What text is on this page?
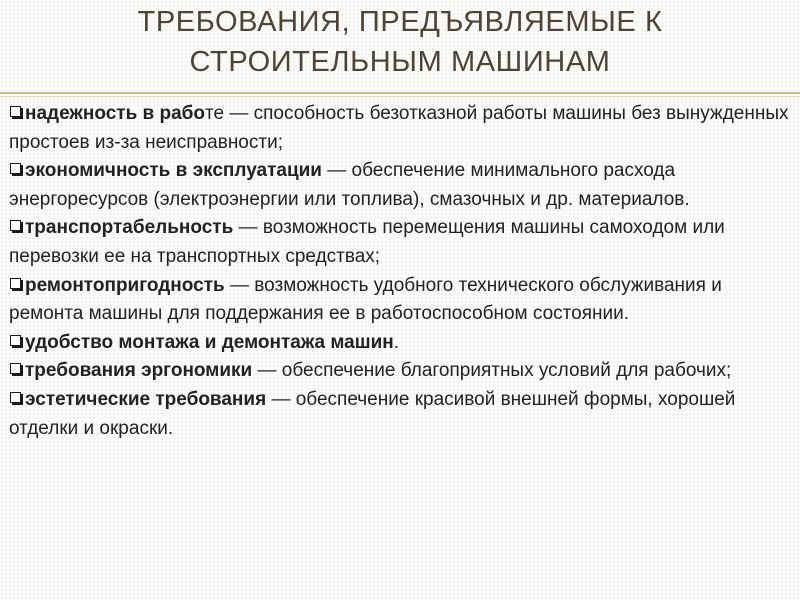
ТРЕБОВАНИЯ, ПРЕДЪЯВЛЯЕМЫЕ К
СТРОИТЕЛЬНЫМ МАШИНАМ

надежность в работе — способность безотказной работы машины без вынужденных простоев из-за неисправности;

экономичность в эксплуатации — обеспечение минимального расхода энергоресурсов (электроэнергии или топлива), смазочных и др. материалов.

транспортабельность — возможность перемещения машины самоходом или перевозки ее на транспортных средствах;

ремонтопригодность — возможность удобного технического обслуживания и ремонта машины для поддержания ее в работоспособном состоянии.

удобство монтажа и демонтажа машин.

требования эргономики — обеспечение благоприятных условий для рабочих;

эстетические требования — обеспечение красивой внешней формы, хорошей отделки и окраски.
